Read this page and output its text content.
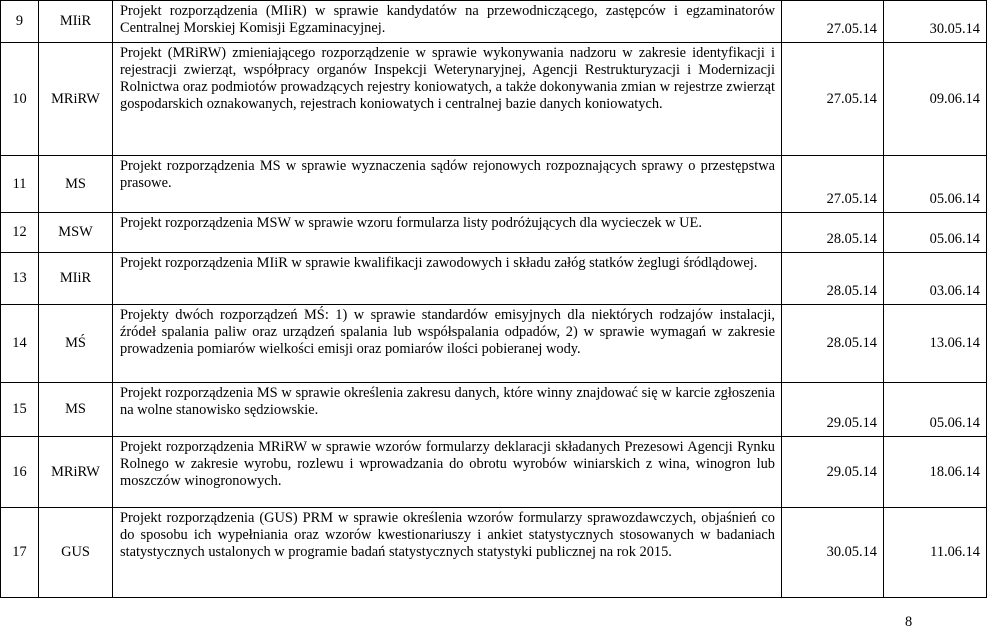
9	MIiR	Projekt rozporządzenia (MIiR) w sprawie kandydatów na przewodniczącego, zastępców i egzaminatorów Centralnej Morskiej Komisji Egzaminacyjnej.	27.05.14	30.05.14
10	MRiRW	Projekt (MRiRW) zmieniającego rozporządzenie w sprawie wykonywania nadzoru w zakresie identyfikacji i rejestracji zwierząt, współpracy organów Inspekcji Weterynaryjnej, Agencji Restrukturyzacji i Modernizacji Rolnictwa oraz podmiotów prowadzących rejestry koniowatych, a także dokonywania zmian w rejestrze zwierząt gospodarskich oznakowanych, rejestrach koniowatych i centralnej bazie danych koniowatych.	27.05.14	09.06.14
11	MS	Projekt rozporządzenia MS w sprawie wyznaczenia sądów rejonowych rozpoznających sprawy o przestępstwa prasowe.	27.05.14	05.06.14
12	MSW	Projekt rozporządzenia MSW w sprawie wzoru formularza listy podróżujących dla wycieczek w UE.	28.05.14	05.06.14
13	MIiR	Projekt rozporządzenia MIiR w sprawie kwalifikacji zawodowych i składu załóg statków żeglugi śródlądowej.	28.05.14	03.06.14
14	MŚ	Projekty dwóch rozporządzeń MŚ: 1) w sprawie standardów emisyjnych dla niektórych rodzajów instalacji, źródeł spalania paliw oraz urządzeń spalania lub współspalania odpadów, 2) w sprawie wymagań w zakresie prowadzenia pomiarów wielkości emisji oraz pomiarów ilości pobieranej wody.	28.05.14	13.06.14
15	MS	Projekt rozporządzenia MS w sprawie określenia zakresu danych, które winny znajdować się w karcie zgłoszenia na wolne stanowisko sędziowskie.	29.05.14	05.06.14
16	MRiRW	Projekt rozporządzenia MRiRW w sprawie wzorów formularzy deklaracji składanych Prezesowi Agencji Rynku Rolnego w zakresie wyrobu, rozlewu i wprowadzania do obrotu wyrobów winiarskich z wina, winogron lub moszczów winogronowych.	29.05.14	18.06.14
17	GUS	Projekt rozporządzenia (GUS) PRM w sprawie określenia wzorów formularzy sprawozdawczych, objaśnień co do sposobu ich wypełniania oraz wzorów kwestionariuszy i ankiet statystycznych stosowanych w badaniach statystycznych ustalonych w programie badań statystycznych statystyki publicznej na rok 2015.	30.05.14	11.06.14
8
